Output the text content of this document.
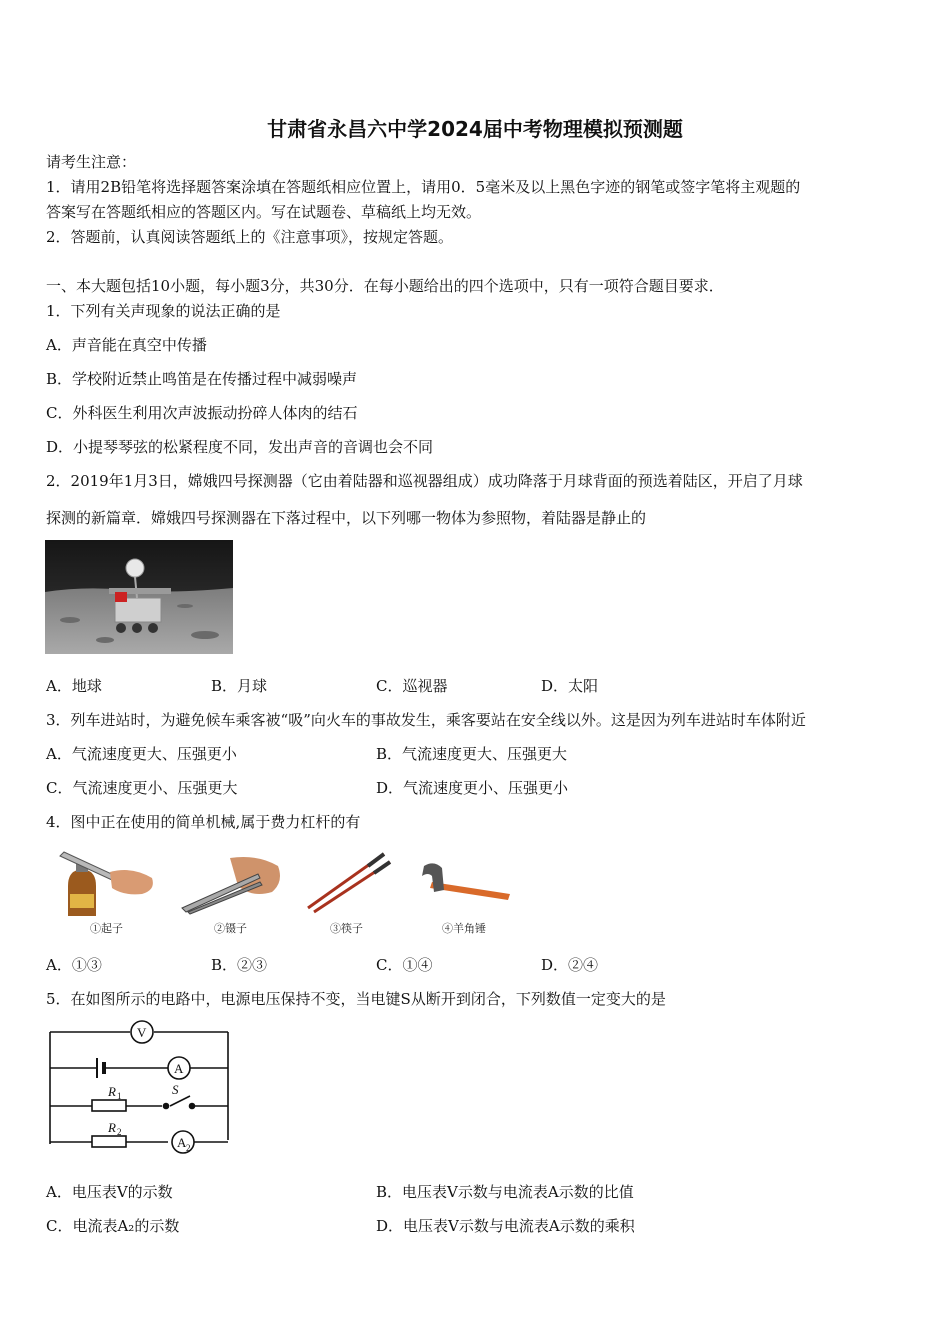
甘肃省永昌六中学2024届中考物理模拟预测题
请考生注意：
1．请用2B铅笔将选择题答案涂填在答题纸相应位置上，请用0．5毫米及以上黑色字迹的钢笔或签字笔将主观题的
答案写在答题纸相应的答题区内。写在试题卷、草稿纸上均无效。
2．答题前，认真阅读答题纸上的《注意事项》，按规定答题。
一、本大题包括10小题，每小题3分，共30分．在每小题给出的四个选项中，只有一项符合题目要求．
1．下列有关声现象的说法正确的是
A．声音能在真空中传播
B．学校附近禁止鸣笛是在传播过程中减弱噪声
C．外科医生利用次声波振动扮碎人体肉的结石
D．小提琴琴弦的松紧程度不同，发出声音的音调也会不同
2．2019年1月3日，嫦娥四号探测器（它由着陆器和巡视器组成）成功降落于月球背面的预选着陆区，开启了月球
探测的新篇章．嫦娥四号探测器在下落过程中，以下列哪一物体为参照物，着陆器是静止的
A．地球	B．月球	C．巡视器	D．太阳
3．列车进站时，为避免候车乘客被“吸”向火车的事故发生，乘客要站在安全线以外。这是因为列车进站时车体附近
A．气流速度更大、压强更小	B．气流速度更大、压强更大
C．气流速度更小、压强更大	D．气流速度更小、压强更小
4．图中正在使用的简单机械,属于费力杠杆的有
①起子	②镊子	③筷子	④羊角锤
A．①③	B．②③	C．①④	D．②④
5．在如图所示的电路中，电源电压保持不变，当电键S从断开到闭合，下列数值一定变大的是
V
A
A 2
S
R 1
R 2
A．电压表V的示数	B．电压表V示数与电流表A示数的比值
C．电流表A₂的示数	D．电压表V示数与电流表A示数的乘积
